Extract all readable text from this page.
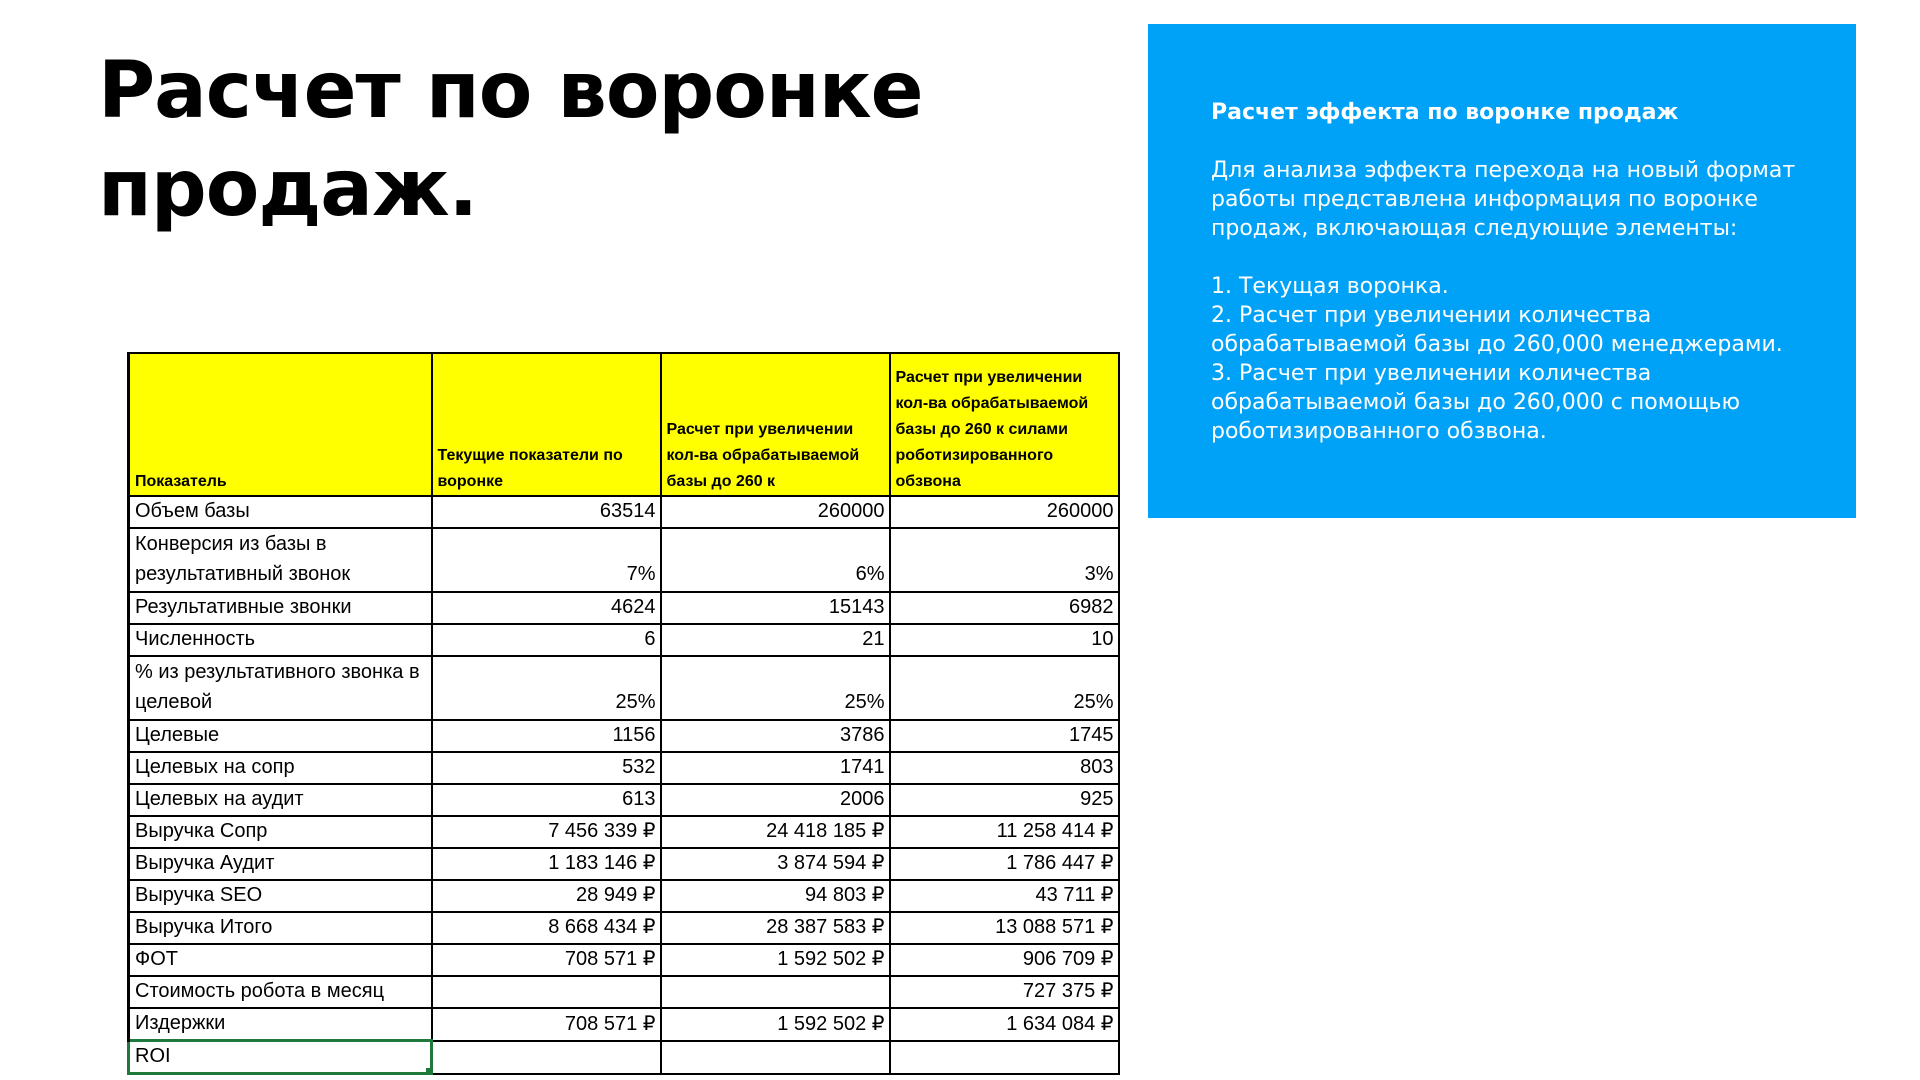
Расчет по воронке
продаж.

Расчет эффекта по воронке продаж

Для анализа эффекта перехода на новый формат работы представлена информация по воронке продаж, включающая следующие элементы:

1. Текущая воронка.

2. Расчет при увеличении количества обрабатываемой базы до 260,000 менеджерами.

3. Расчет при увеличении количества обрабатываемой базы до 260,000 с помощью роботизированного обзвона.

Показатель	Текущие показатели по воронке	Расчет при увеличении кол-ва обрабатываемой базы до 260 к	Расчет при увеличении кол-ва обрабатываемой базы до 260 к силами роботизированного обзвона
Объем базы	63514	260000	260000
Конверсия из базы в результативный звонок	7%	6%	3%
Результативные звонки	4624	15143	6982
Численность	6	21	10
% из результативного звонка в целевой	25%	25%	25%
Целевые	1156	3786	1745
Целевых на сопр	532	1741	803
Целевых на аудит	613	2006	925
Выручка Сопр	7 456 339 ₽	24 418 185 ₽	11 258 414 ₽
Выручка Аудит	1 183 146 ₽	3 874 594 ₽	1 786 447 ₽
Выручка SEO	28 949 ₽	94 803 ₽	43 711 ₽
Выручка Итого	8 668 434 ₽	28 387 583 ₽	13 088 571 ₽
ФОТ	708 571 ₽	1 592 502 ₽	906 709 ₽
Стоимость робота в месяц			727 375 ₽
Издержки	708 571 ₽	1 592 502 ₽	1 634 084 ₽
ROI
